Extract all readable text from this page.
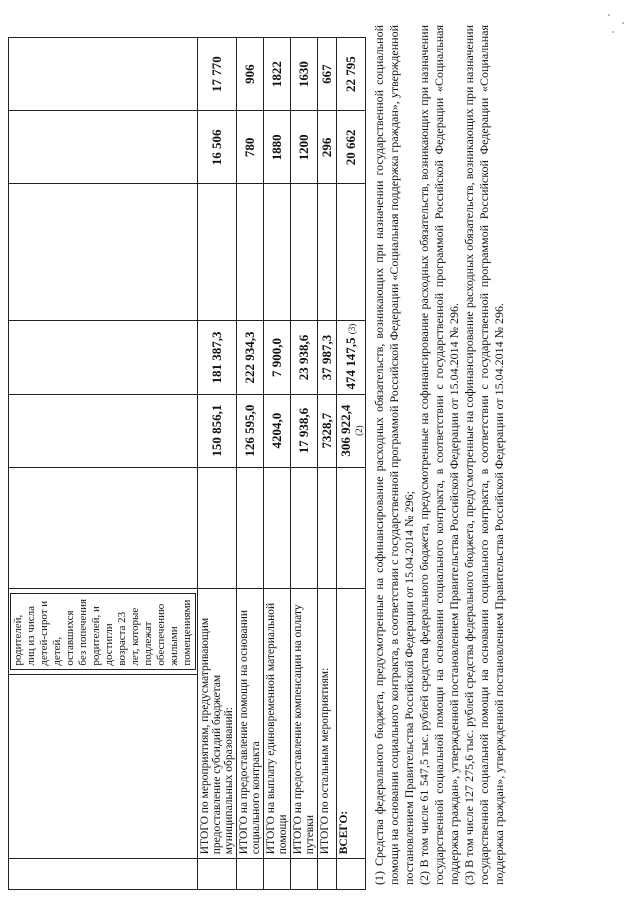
		родителей, лиц из числа детей-сирот и детей, оставшихся без попечения родителей, и достигли возраста 23 лет, которые подлежат обеспечению жилыми помещениями						

	ИТОГО по мероприятиям, предусматривающим предоставление субсидий бюджетам муниципальных образований:			150 856,1	181 387,3		16 506	17 770
	ИТОГО на предоставление помощи на основании социального контракта			126 595,0	222 934,3		780	906
	ИТОГО на выплату единовременной материальной помощи			4204,0	7 900,0		1880	1822
	ИТОГО на предоставление компенсации на оплату путевки			17 938,6	23 938,6		1200	1630
	ИТОГО по остальным мероприятиям:			7328,7	37 987,3		296	667
	ВСЕГО:			306 922,4 (2)	474 147,5 (3)		20 662	22 795 (1) Средства федерального бюджета, предусмотренные на софинансирование расходных обязательств, возникающих при назначении государственной социальной помощи на основании социального контракта, в соответствии с государственной программой Российской Федерации «Социальная поддержка граждан», утвержденной постановлением Правительства Российской Федерации от 15.04.2014 № 296; (2) В том числе 61 547,5 тыс. рублей средства федерального бюджета, предусмотренные на софинансирование расходных обязательств, возникающих при назначении государственной социальной помощи на основании социального контракта, в соответствии с государственной программой Российской Федерации «Социальная поддержка граждан», утвержденной постановлением Правительства Российской Федерации от 15.04.2014 № 296. (3) В том числе 127 275,6 тыс. рублей средства федерального бюджета, предусмотренные на софинансирование расходных обязательств, возникающих при назначении государственной социальной помощи на основании социального контракта, в соответствии с государственной программой Российской Федерации «Социальная поддержка граждан», утвержденной постановлением Правительства Российской Федерации от 15.04.2014 № 296.
